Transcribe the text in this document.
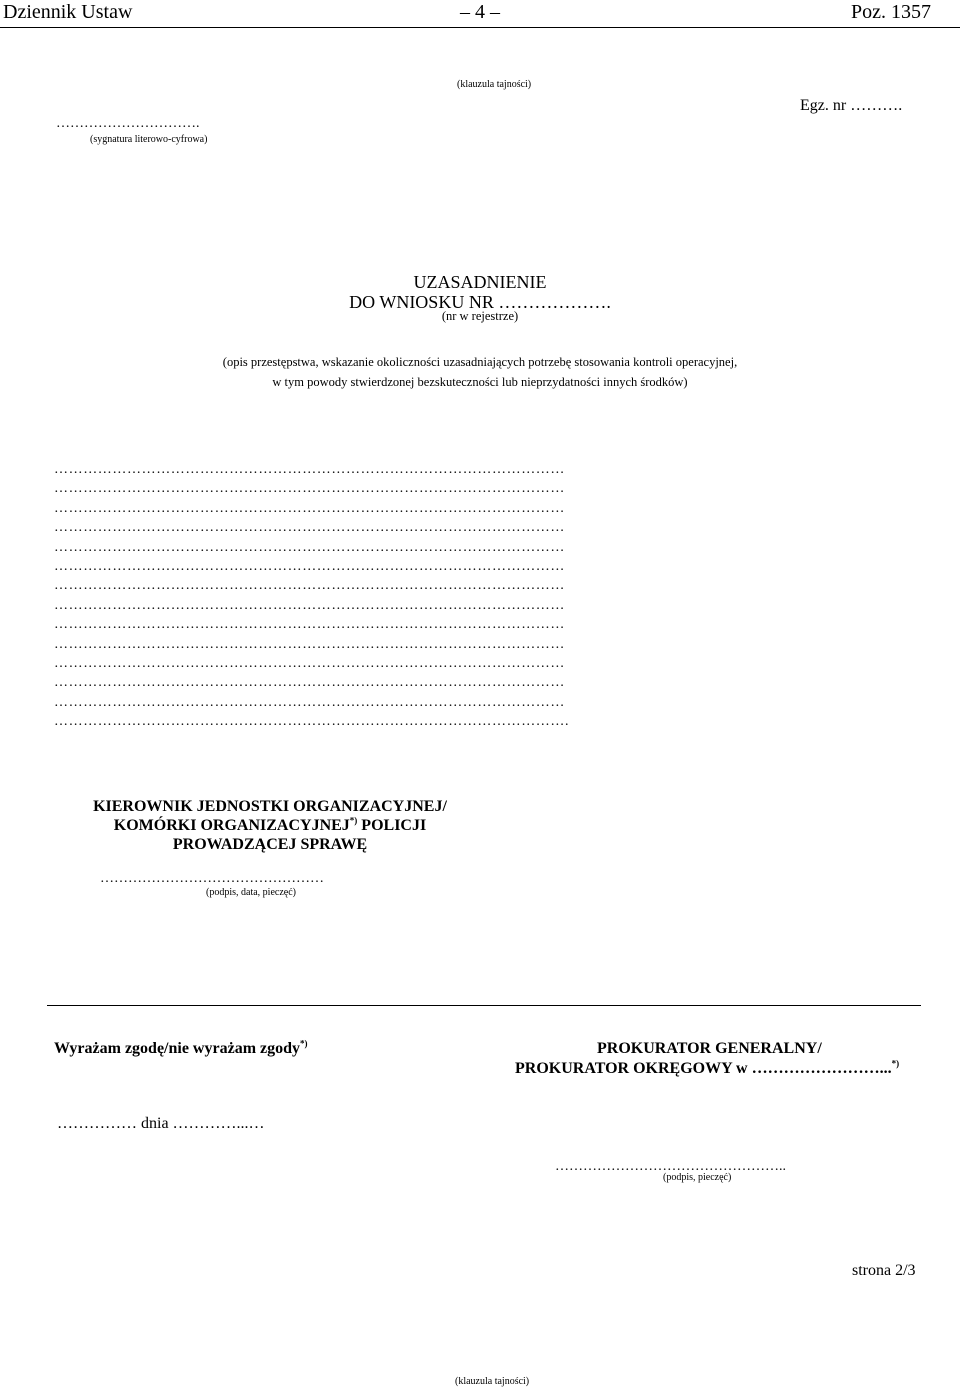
Dziennik Ustaw	– 4 –	Poz. 1357
(klauzula tajności)
Egz. nr ……….
………………………….
(sygnatura literowo-cyfrowa)
UZASADNIENIE
DO WNIOSKU NR ……………….
(nr w rejestrze)
(opis przestępstwa, wskazanie okoliczności uzasadniających potrzebę stosowania kontroli operacyjnej,
w tym powody stwierdzonej bezskuteczności lub nieprzydatności innych środków)
……………………………………………………………………………………………
……………………………………………………………………………………………
……………………………………………………………………………………………
……………………………………………………………………………………………
……………………………………………………………………………………………
……………………………………………………………………………………………
……………………………………………………………………………………………
……………………………………………………………………………………………
……………………………………………………………………………………………
……………………………………………………………………………………………
……………………………………………………………………………………………
……………………………………………………………………………………………
……………………………………………………………………………………………
…………………………………………………………………………………………….
KIEROWNIK JEDNOSTKI ORGANIZACYJNEJ/
KOMÓRKI ORGANIZACYJNEJ*) POLICJI
PROWADZĄCEJ SPRAWĘ
…………………………………………
(podpis, data, pieczęć)
Wyrażam zgodę/nie wyrażam zgody*)	PROKURATOR GENERALNY/
PROKURATOR OKRĘGOWY w ……………………...*)
…………… dnia …………...…
…………………………………………..
(podpis, pieczęć)
strona 2/3
(klauzula tajności)
